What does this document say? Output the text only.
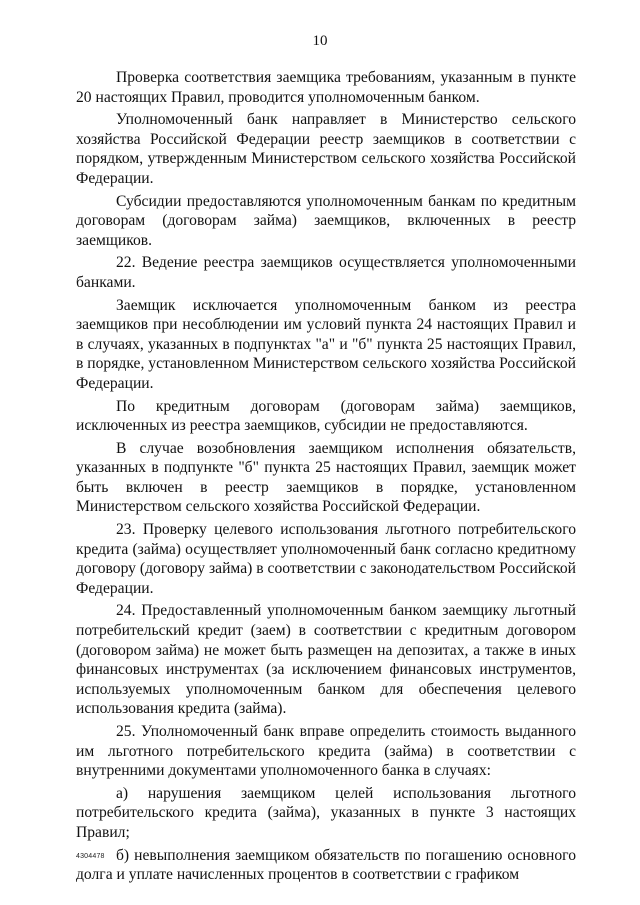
10

Проверка соответствия заемщика требованиям, указанным в пункте 20 настоящих Правил, проводится уполномоченным банком.

Уполномоченный банк направляет в Министерство сельского хозяйства Российской Федерации реестр заемщиков в соответствии с порядком, утвержденным Министерством сельского хозяйства Российской Федерации.

Субсидии предоставляются уполномоченным банкам по кредитным договорам (договорам займа) заемщиков, включенных в реестр заемщиков.

22. Ведение реестра заемщиков осуществляется уполномоченными банками.

Заемщик исключается уполномоченным банком из реестра заемщиков при несоблюдении им условий пункта 24 настоящих Правил и в случаях, указанных в подпунктах "а" и "б" пункта 25 настоящих Правил, в порядке, установленном Министерством сельского хозяйства Российской Федерации.

По кредитным договорам (договорам займа) заемщиков, исключенных из реестра заемщиков, субсидии не предоставляются.

В случае возобновления заемщиком исполнения обязательств, указанных в подпункте "б" пункта 25 настоящих Правил, заемщик может быть включен в реестр заемщиков в порядке, установленном Министерством сельского хозяйства Российской Федерации.

23. Проверку целевого использования льготного потребительского кредита (займа) осуществляет уполномоченный банк согласно кредитному договору (договору займа) в соответствии с законодательством Российской Федерации.

24. Предоставленный уполномоченным банком заемщику льготный потребительский кредит (заем) в соответствии с кредитным договором (договором займа) не может быть размещен на депозитах, а также в иных финансовых инструментах (за исключением финансовых инструментов, используемых уполномоченным банком для обеспечения целевого использования кредита (займа).

25. Уполномоченный банк вправе определить стоимость выданного им льготного потребительского кредита (займа) в соответствии с внутренними документами уполномоченного банка в случаях:

а) нарушения заемщиком целей использования льготного потребительского кредита (займа), указанных в пункте 3 настоящих Правил;

б) невыполнения заемщиком обязательств по погашению основного долга и уплате начисленных процентов в соответствии с графиком

4304478
